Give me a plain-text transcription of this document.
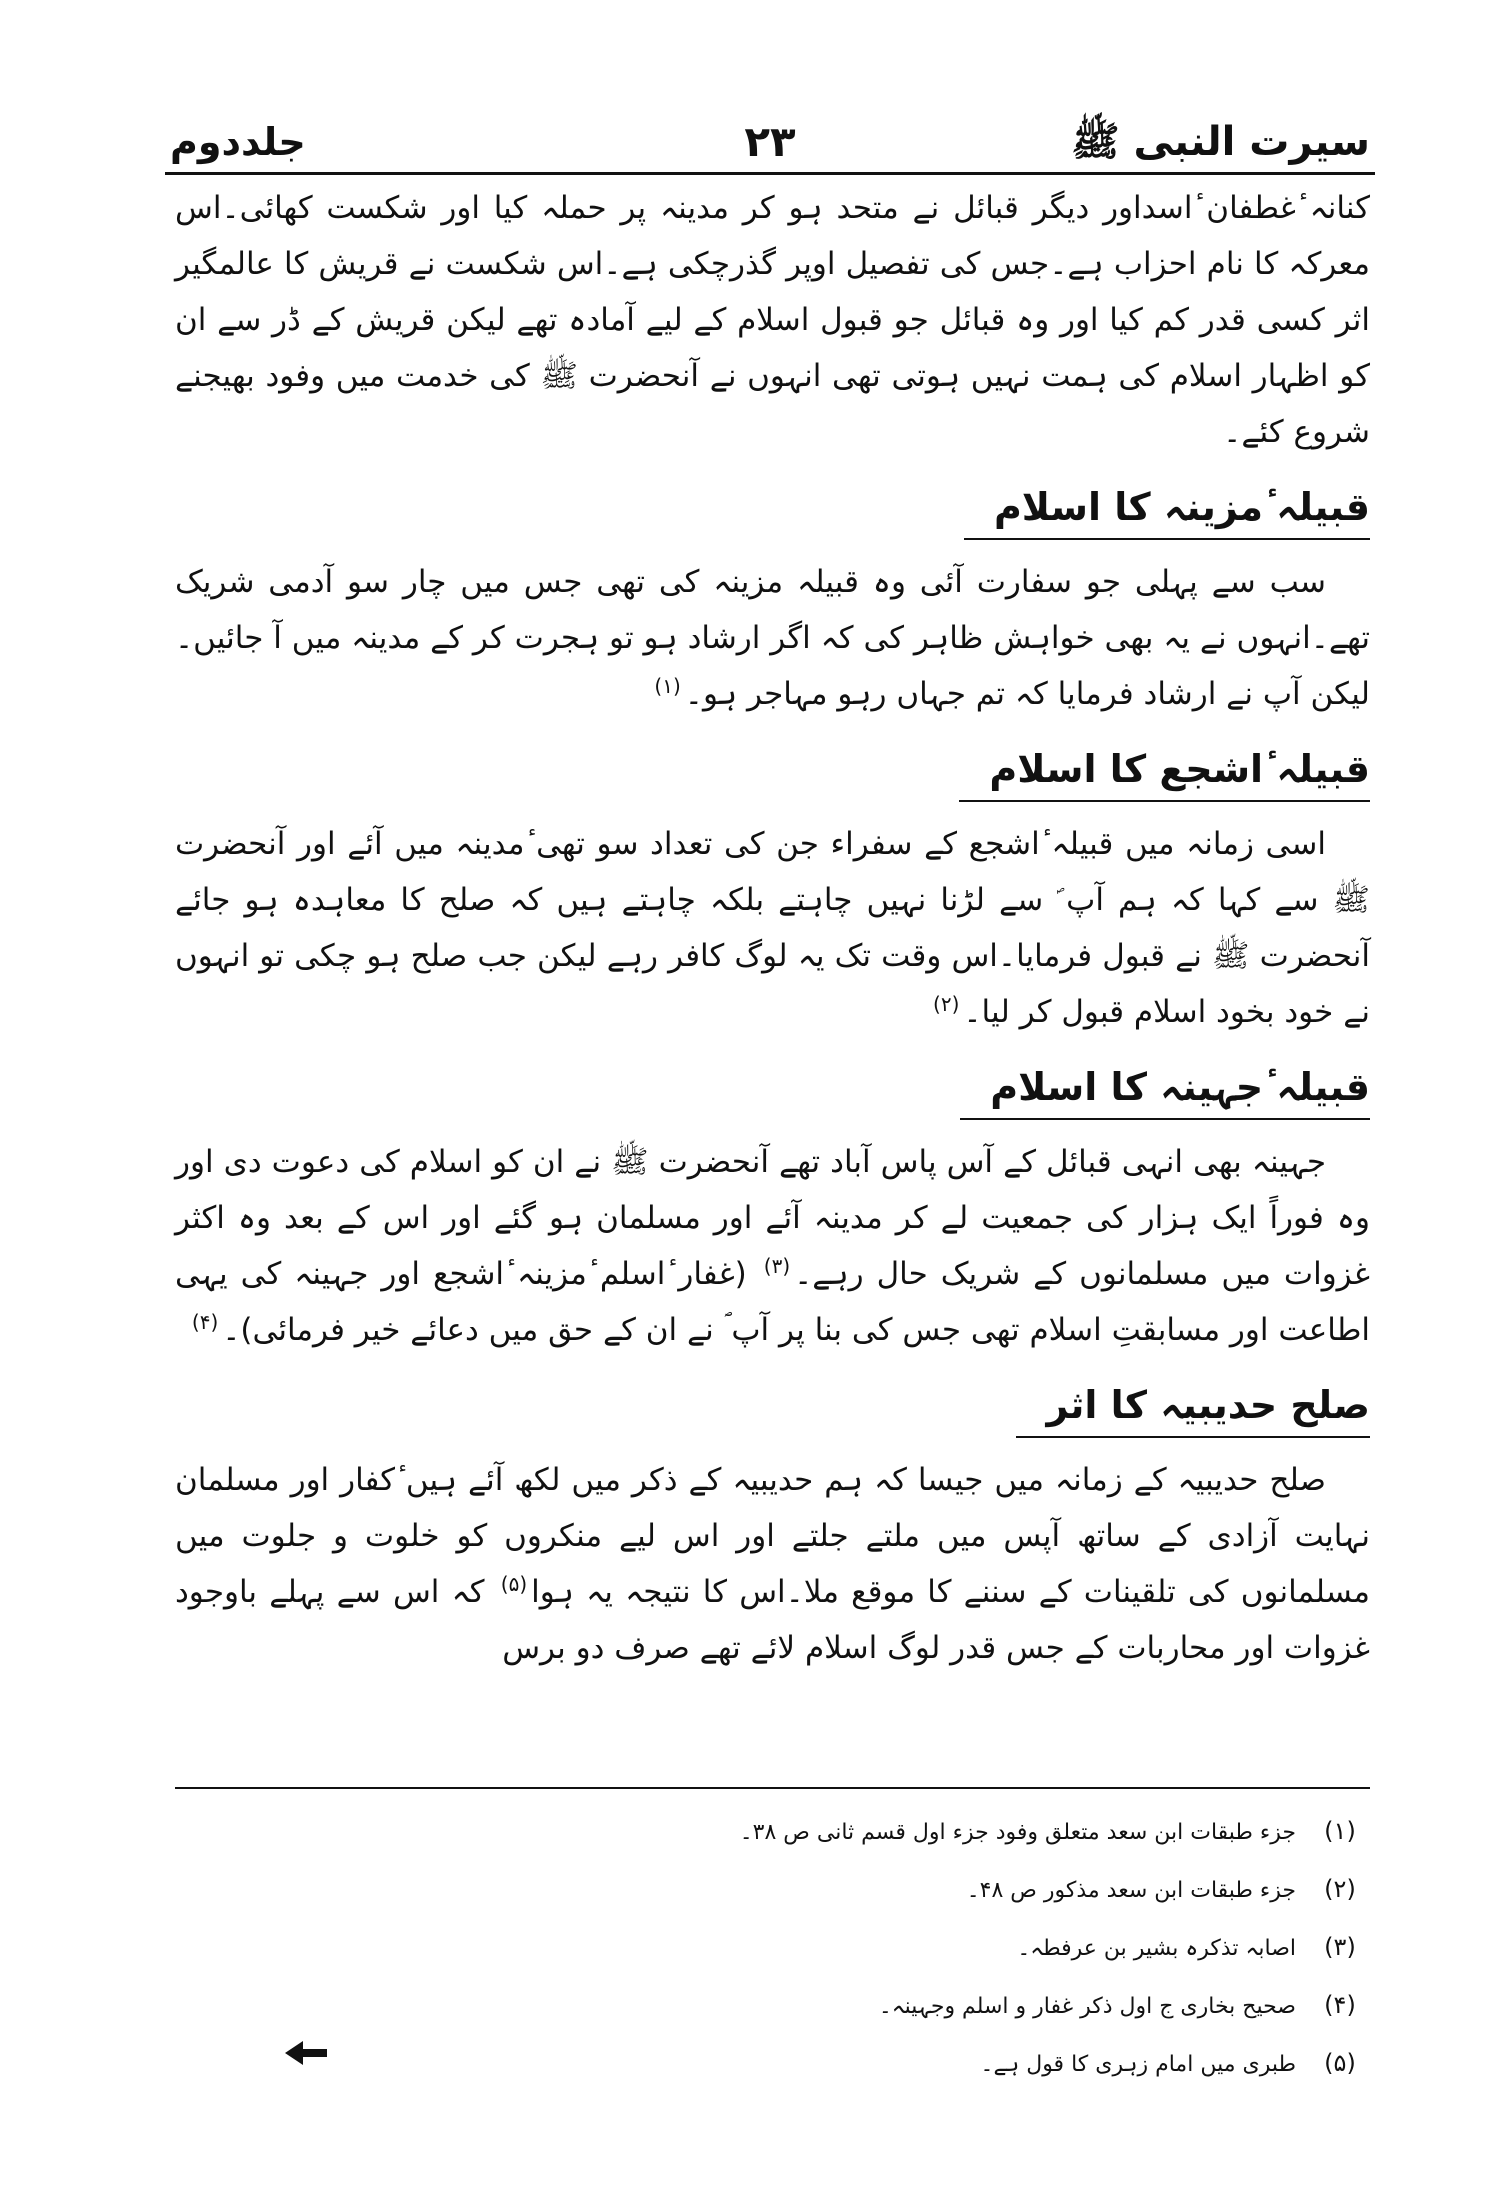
سیرت النبی ﷺ
۲۳
جلددوم

کنانہ ٔغطفان ٔاسداور دیگر قبائل نے متحد ہو کر مدینہ پر حملہ کیا اور شکست کھائی۔اس معرکہ کا نام احزاب ہے۔جس کی تفصیل اوپر گذرچکی ہے۔اس شکست نے قریش کا عالمگیر اثر کسی قدر کم کیا اور وہ قبائل جو قبول اسلام کے لیے آمادہ تھے لیکن قریش کے ڈر سے ان کو اظہار اسلام کی ہمت نہیں ہوتی تھی انہوں نے آنحضرت ﷺ کی خدمت میں وفود بھیجنے شروع کئے۔

قبیلہ ٔمزینہ کا اسلام

سب سے پہلی جو سفارت آئی وہ قبیلہ مزینہ کی تھی جس میں چار سو آدمی شریک تھے۔انہوں نے یہ بھی خواہش ظاہر کی کہ اگر ارشاد ہو تو ہجرت کر کے مدینہ میں آ جائیں۔لیکن آپ نے ارشاد فرمایا کہ تم جہاں رہو مہاجر ہو۔$^{(۱)}$

قبیلہ ٔاشجع کا اسلام

اسی زمانہ میں قبیلہ ٔاشجع کے سفراء جن کی تعداد سو تھی ٔمدینہ میں آئے اور آنحضرت ﷺ سے کہا کہ ہم آپ ؐ سے لڑنا نہیں چاہتے بلکہ چاہتے ہیں کہ صلح کا معاہدہ ہو جائے آنحضرت ﷺ نے قبول فرمایا۔اس وقت تک یہ لوگ کافر رہے لیکن جب صلح ہو چکی تو انہوں نے خود بخود اسلام قبول کر لیا۔$^{(۲)}$

قبیلہ ٔجہینہ کا اسلام

جہینہ بھی انہی قبائل کے آس پاس آباد تھے آنحضرت ﷺ نے ان کو اسلام کی دعوت دی اور وہ فوراً ایک ہزار کی جمعیت لے کر مدینہ آئے اور مسلمان ہو گئے اور اس کے بعد وہ اکثر غزوات میں مسلمانوں کے شریک حال رہے۔$^{(۳)}$ (غفار ٔاسلم ٔمزینہ ٔاشجع اور جہینہ کی یہی اطاعت اور مسابقتِ اسلام تھی جس کی بنا پر آپ ؐ نے ان کے حق میں دعائے خیر فرمائی)۔$^{(۴)}$

صلح حدیبیہ کا اثر

صلح حدیبیہ کے زمانہ میں جیسا کہ ہم حدیبیہ کے ذکر میں لکھ آئے ہیں ٔکفار اور مسلمان نہایت آزادی کے ساتھ آپس میں ملتے جلتے اور اس لیے منکروں کو خلوت و جلوت میں مسلمانوں کی تلقینات کے سننے کا موقع ملا۔اس کا نتیجہ یہ ہوا$^{(۵)}$ کہ اس سے پہلے باوجود غزوات اور محاربات کے جس قدر لوگ اسلام لائے تھے صرف دو برس

(۱)
جزء طبقات ابن سعد متعلق وفود جزء اول قسم ثانی ص ۳۸۔
(۲)
جزء طبقات ابن سعد مذکور ص ۴۸۔
(۳)
اصابہ تذکرہ بشیر بن عرفطہ۔
(۴)
صحیح بخاری ج اول ذکر غفار و اسلم وجہینہ۔
(۵)
طبری میں امام زہری کا قول ہے۔
